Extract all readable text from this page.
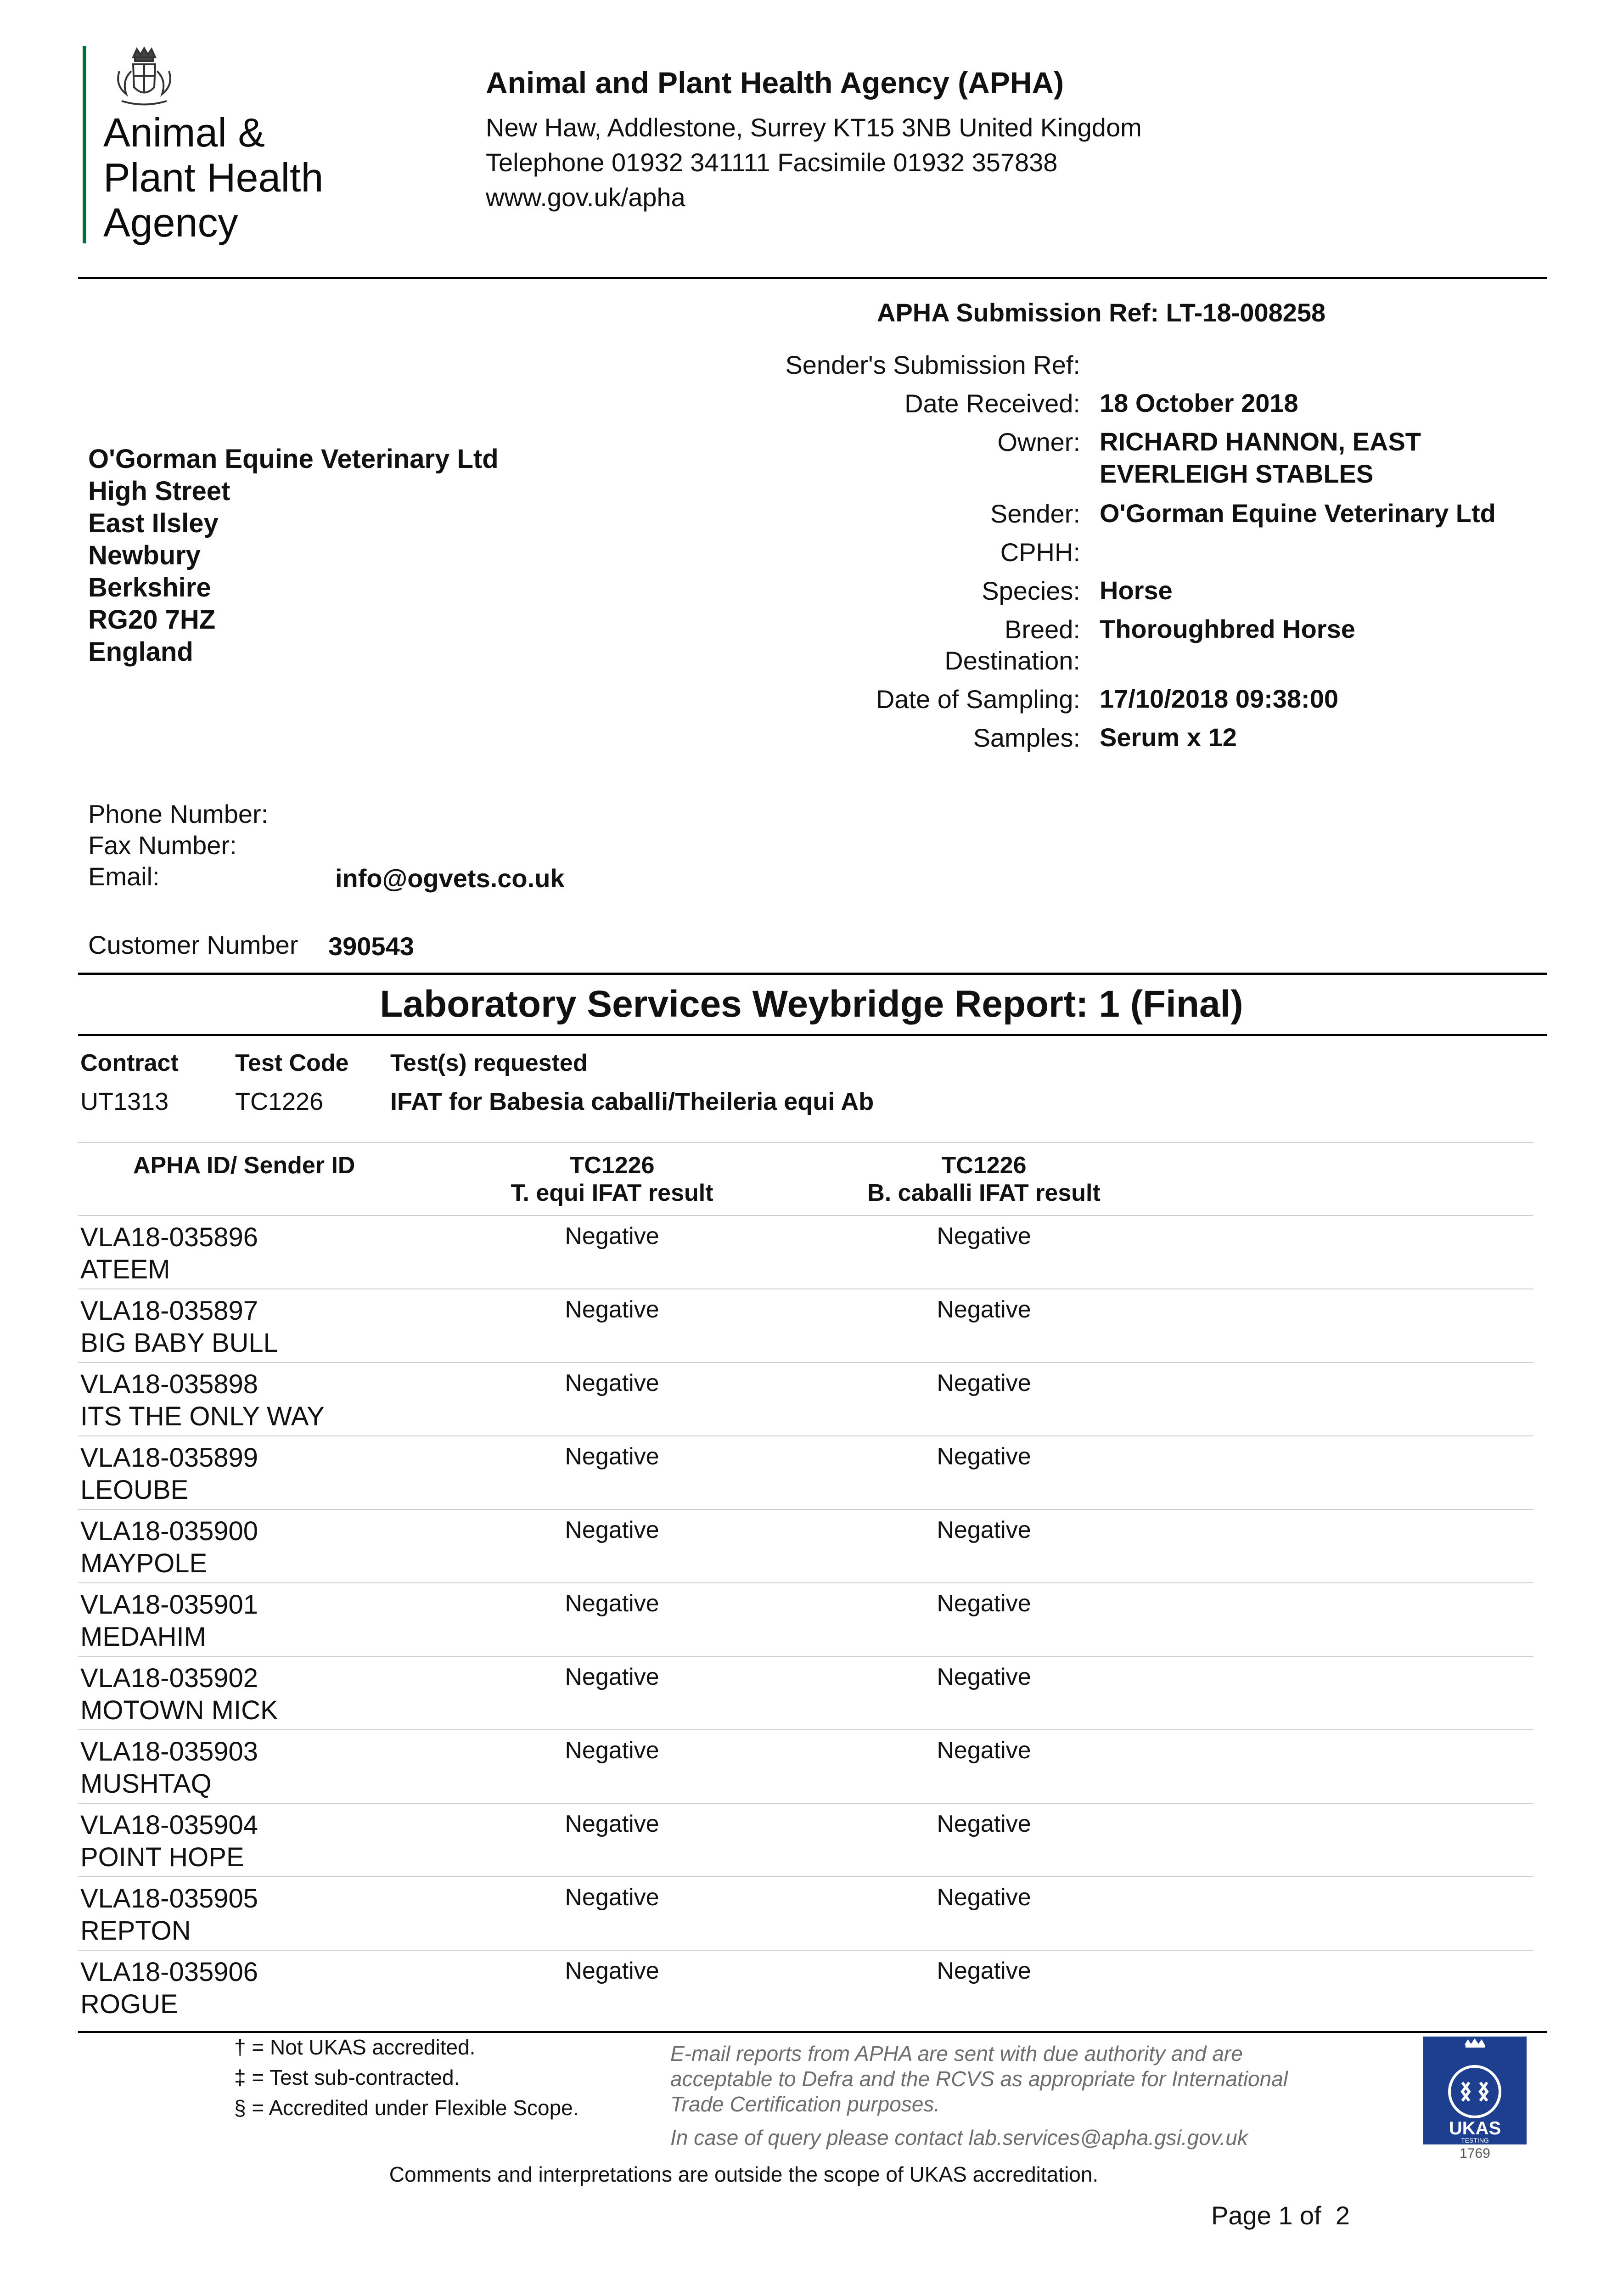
Animal &
Plant Health
Agency
Animal and Plant Health Agency (APHA)
New Haw, Addlestone, Surrey KT15 3NB United Kingdom
Telephone 01932 341111 Facsimile 01932 357838
www.gov.uk/apha
APHA Submission Ref: LT-18-008258
Sender's Submission Ref:
Date Received: 18 October 2018
Owner: RICHARD HANNON, EAST
EVERLEIGH STABLES
Sender: O'Gorman Equine Veterinary Ltd
CPHH:
Species: Horse
Breed: Thoroughbred Horse
Destination:
Date of Sampling: 17/10/2018 09:38:00
Samples: Serum x 12
O'Gorman Equine Veterinary Ltd
High Street
East Ilsley
Newbury
Berkshire
RG20 7HZ
England
Phone Number:
Fax Number:
Email:	info@ogvets.co.uk
Customer Number 390543
Laboratory Services Weybridge Report: 1 (Final)
Contract Test Code Test(s) requested
UT1313	TC1226	IFAT for Babesia caballi/Theileria equi Ab
APHA ID/ Sender ID	TC1226
T. equi IFAT result
TC1226
B. caballi IFAT result
VLA18-035896
ATEEM
Negative	Negative
VLA18-035897
BIG BABY BULL
Negative	Negative
VLA18-035898
ITS THE ONLY WAY
Negative	Negative
VLA18-035899
LEOUBE
Negative	Negative
VLA18-035900
MAYPOLE
Negative	Negative
VLA18-035901
MEDAHIM
Negative	Negative
VLA18-035902
MOTOWN MICK
Negative	Negative
VLA18-035903
MUSHTAQ
Negative	Negative
VLA18-035904
POINT HOPE
Negative	Negative
VLA18-035905
REPTON
Negative	Negative
VLA18-035906
ROGUE
Negative	Negative
† = Not UKAS accredited.
‡ = Test sub-contracted.
§ = Accredited under Flexible Scope.
E-mail reports from APHA are sent with due authority and are
acceptable to Defra and the RCVS as appropriate for International
Trade Certification purposes.
In case of query please contact lab.services@apha.gsi.gov.uk	UKAS
TESTING
1769
Comments and interpretations are outside the scope of UKAS accreditation.
Page 1 of  2
